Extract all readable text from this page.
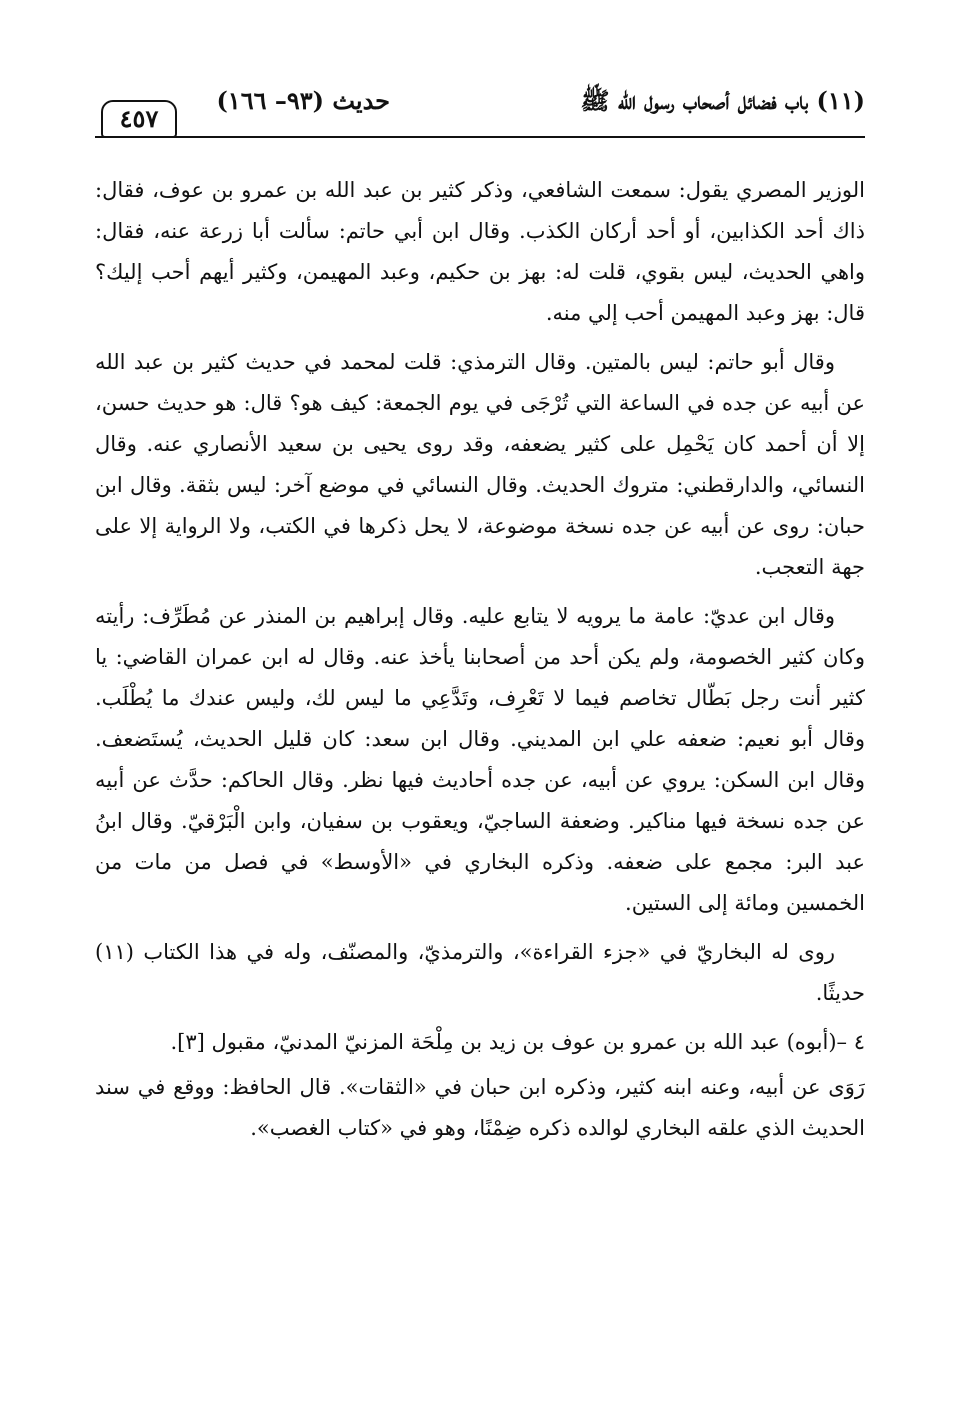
(١١) باب فضائل أصحاب رسول الله ﷺ
حديث (٩٣– ١٦٦)
٤٥٧

الوزير المصري يقول: سمعت الشافعي، وذكر كثير بن عبد الله بن عمرو بن عوف، فقال: ذاك أحد الكذابين، أو أحد أركان الكذب. وقال ابن أبي حاتم: سألت أبا زرعة عنه، فقال: واهي الحديث، ليس بقوي، قلت له: بهز بن حكيم، وعبد المهيمن، وكثير أيهم أحب إليك؟ قال: بهز وعبد المهيمن أحب إلي منه.

وقال أبو حاتم: ليس بالمتين. وقال الترمذي: قلت لمحمد في حديث كثير بن عبد الله عن أبيه عن جده في الساعة التي تُرْجَى في يوم الجمعة: كيف هو؟ قال: هو حديث حسن، إلا أن أحمد كان يَحْمِل على كثير يضعفه، وقد روى يحيى بن سعيد الأنصاري عنه. وقال النسائي، والدارقطني: متروك الحديث. وقال النسائي في موضع آخر: ليس بثقة. وقال ابن حبان: روى عن أبيه عن جده نسخة موضوعة، لا يحل ذكرها في الكتب، ولا الرواية إلا على جهة التعجب.

وقال ابن عديّ: عامة ما يرويه لا يتابع عليه. وقال إبراهيم بن المنذر عن مُطَرِّف: رأيته وكان كثير الخصومة، ولم يكن أحد من أصحابنا يأخذ عنه. وقال له ابن عمران القاضي: يا كثير أنت رجل بَطّال تخاصم فيما لا تَعْرِف، وتَدَّعِي ما ليس لك، وليس عندك ما يُطْلَب. وقال أبو نعيم: ضعفه علي ابن المديني. وقال ابن سعد: كان قليل الحديث، يُستَضعف. وقال ابن السكن: يروي عن أبيه، عن جده أحاديث فيها نظر. وقال الحاكم: حدَّث عن أبيه عن جده نسخة فيها مناكير. وضعفة الساجيّ، ويعقوب بن سفيان، وابن الْبَرْقيّ. وقال ابنُ عبد البر: مجمع على ضعفه. وذكره البخاري في «الأوسط» في فصل من مات من الخمسين ومائة إلى الستين.

روى له البخاريّ في «جزء القراءة»، والترمذيّ، والمصنّف، وله في هذا الكتاب (١١) حديثًا.

٤ –(أبوه) عبد الله بن عمرو بن عوف بن زيد بن مِلْحَة المزنيّ المدنيّ، مقبول [٣].

رَوَى عن أبيه، وعنه ابنه كثير، وذكره ابن حبان في «الثقات». قال الحافظ: ووقع في سند الحديث الذي علقه البخاري لوالده ذكره ضِمْنًا، وهو في «كتاب الغصب».
